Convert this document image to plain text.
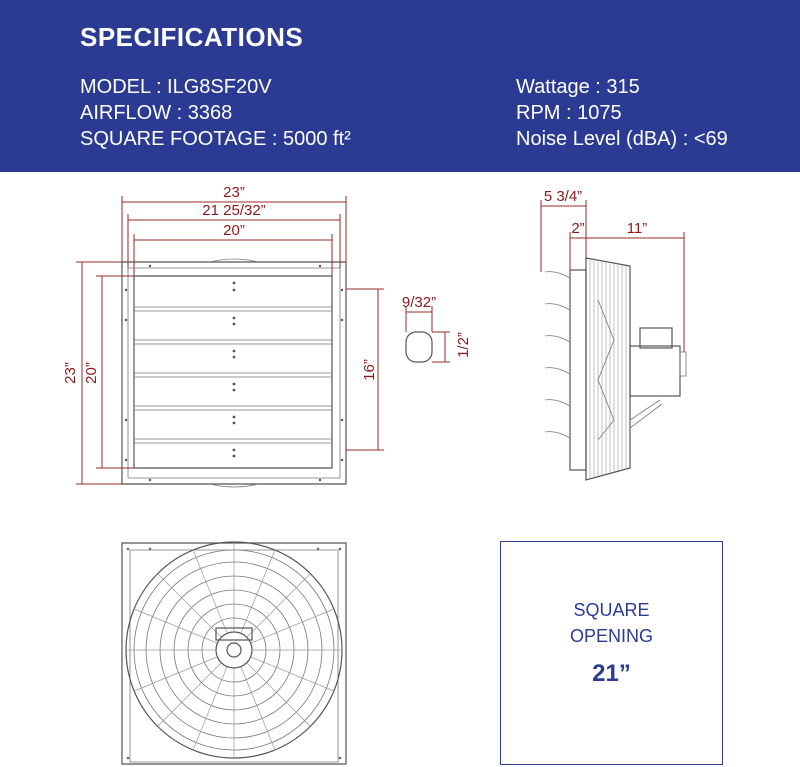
SPECIFICATIONS
MODEL : ILG8SF20V
AIRFLOW : 3368
SQUARE FOOTAGE : 5000 ft²
Wattage : 315
RPM : 1075
Noise Level (dBA) : <69
23”
21 25/32”
20”
23” 20”	16”
9/32”
1/2”
5 3/4”
2”	11”
SQUARE
OPENING
21”
